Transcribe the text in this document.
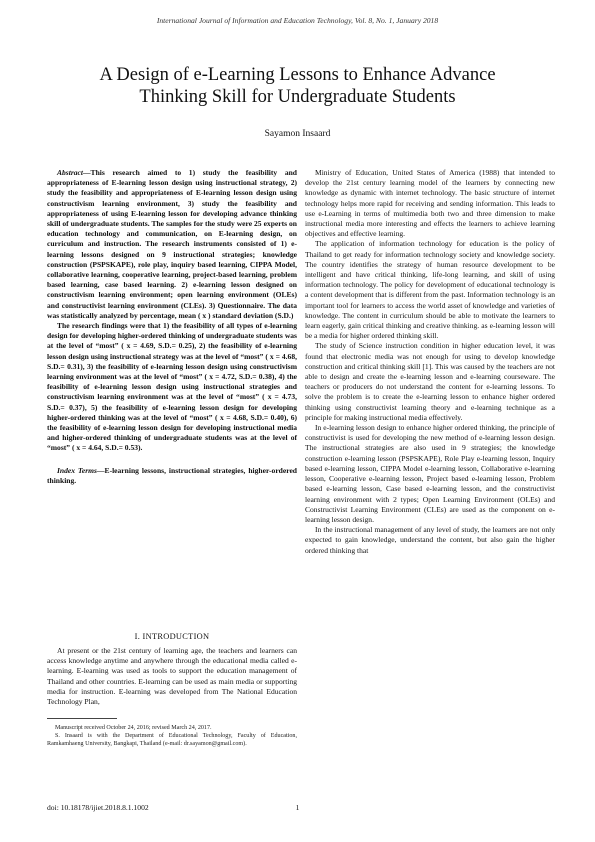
International Journal of Information and Education Technology, Vol. 8, No. 1, January 2018
A Design of e-Learning Lessons to Enhance Advance
Thinking Skill for Undergraduate Students
Sayamon Insaard

Abstract—This research aimed to 1) study the feasibility and appropriateness of E-learning lesson design using instructional strategy, 2) study the feasibility and appropriateness of E-learning lesson design using constructivism learning environment, 3) study the feasibility and appropriateness of using E-learning lesson for developing advance thinking skill of undergraduate students. The samples for the study were 25 experts on education technology and communication, on E-learning design, on curriculum and instruction. The research instruments consisted of 1) e-learning lessons designed on 9 instructional strategies; knowledge construction (PSPSKAPE), role play, inquiry based learning, CIPPA Model, collaborative learning, cooperative learning, project-based learning, problem based learning, case based learning. 2) e-learning lesson designed on constructivism learning environment; open learning environment (OLEs) and constructivist learning environment (CLEs). 3) Questionnaire. The data was statistically analyzed by percentage, mean ( x ) standard deviation (S.D.)

The research findings were that 1) the feasibility of all types of e-learning design for developing higher-ordered thinking of undergraduate students was at the level of “most” ( x = 4.69, S.D.= 0.25), 2) the feasibility of e-learning lesson design using instructional strategy was at the level of “most” ( x = 4.68, S.D.= 0.31), 3) the feasibility of e-learning lesson design using constructivism learning environment was at the level of “most” ( x = 4.72, S.D.= 0.38), 4) the feasibility of e-learning lesson design using instructional strategies and constructivism learning environment was at the level of “most” ( x = 4.73, S.D.= 0.37), 5) the feasibility of e-learning lesson design for developing higher-ordered thinking was at the level of “most” ( x = 4.68, S.D.= 0.40), 6) the feasibility of e-learning lesson design for developing instructional media and higher-ordered thinking of undergraduate students was at the level of “most” ( x = 4.64, S.D.= 0.53).

Index Terms—E-learning lessons, instructional strategies, higher-ordered thinking.

I. INTRODUCTION

At present or the 21st century of learning age, the teachers and learners can access knowledge anytime and anywhere through the educational media called e-learning. E-learning was used as tools to support the education management of Thailand and other countries. E-learning can be used as main media or supporting media for instruction. E-learning was developed from The National Education Technology Plan,

Manuscript received October 24, 2016; revised March 24, 2017.

S. Insaard is with the Department of Educational Technology, Faculty of Education, Ramkamhaeng University, Bangkapi, Thailand (e-mail: dr.sayamon@gmail.com).

doi: 10.18178/ijiet.2018.8.1.1002	1

Ministry of Education, United States of America (1988) that intended to develop the 21st century learning model of the learners by connecting new knowledge as dynamic with internet technology. The basic structure of internet technology helps more rapid for receiving and sending information. This leads to use e-Learning in terms of multimedia both two and three dimension to make instructional media more interesting and effects the learners to achieve learning objectives and effective learning.

The application of information technology for education is the policy of Thailand to get ready for information technology society and knowledge society. The country identifies the strategy of human resource development to be intelligent and have critical thinking, life-long learning, and skill of using information technology. The policy for development of educational technology is a content development that is different from the past. Information technology is an important tool for learners to access the world asset of knowledge and varieties of knowledge. The content in curriculum should be able to motivate the learners to learn eagerly, gain critical thinking and creative thinking. as e-learning lesson will be a media for higher ordered thinking skill.

The study of Science instruction condition in higher education level, it was found that electronic media was not enough for using to develop knowledge construction and critical thinking skill [1]. This was caused by the teachers are not able to design and create the e-learning lesson and e-learning courseware. The teachers or producers do not understand the content for e-learning lessons. To solve the problem is to create the e-learning lesson to enhance higher ordered thinking using constructivist learning theory and e-learning technique as a principle for making instructional media effectively.

In e-learning lesson design to enhance higher ordered thinking, the principle of constructivist is used for developing the new method of e-learning lesson design. The instructional strategies are also used in 9 strategies; the knowledge construction e-learning lesson (PSPSKAPE), Role Play e-learning lesson, Inquiry based e-learning lesson, CIPPA Model e-learning lesson, Collaborative e-learning lesson, Cooperative e-learning lesson, Project based e-learning lesson, Problem based e-learning lesson, Case based e-learning lesson, and the constructivist learning environment with 2 types; Open Learning Environment (OLEs) and Constructivist Learning Environment (CLEs) are used as the component on e-learning lesson design.

In the instructional management of any level of study, the learners are not only expected to gain knowledge, understand the content, but also gain the higher ordered thinking that
